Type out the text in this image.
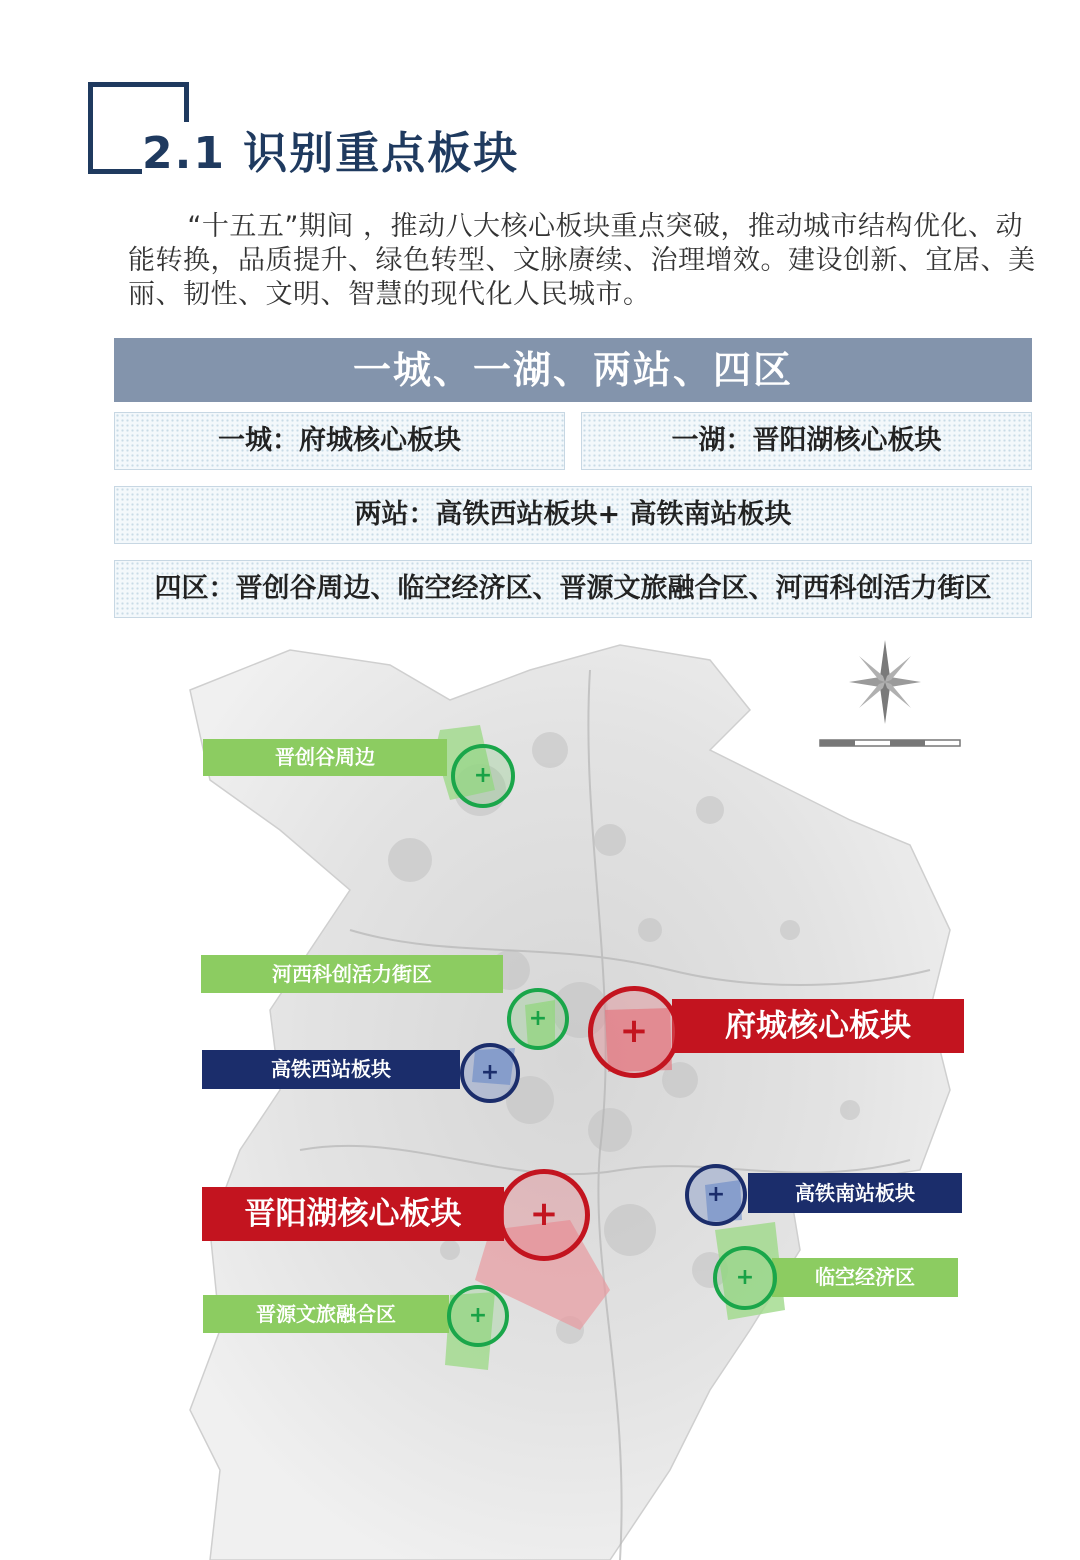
2.1 识别重点板块

“十五五”期间 ，推动八大核心板块重点突破，推动城市结构优化、动能转换，品质提升、绿色转型、文脉赓续、治理增效。建设创新、宜居、美丽、韧性、文明、智慧的现代化人民城市。

一城、一湖、两站、四区
一城：府城核心板块	一湖：晋阳湖核心板块
两站：高铁西站板块+ 高铁南站板块
四区：晋创谷周边、临空经济区、晋源文旅融合区、河西科创活力街区
晋创谷周边
+
河西科创活力街区
+
高铁西站板块	+
府城核心板块
+
晋阳湖核心板块	+
高铁南站板块
+
临空经济区
+
晋源文旅融合区	+
